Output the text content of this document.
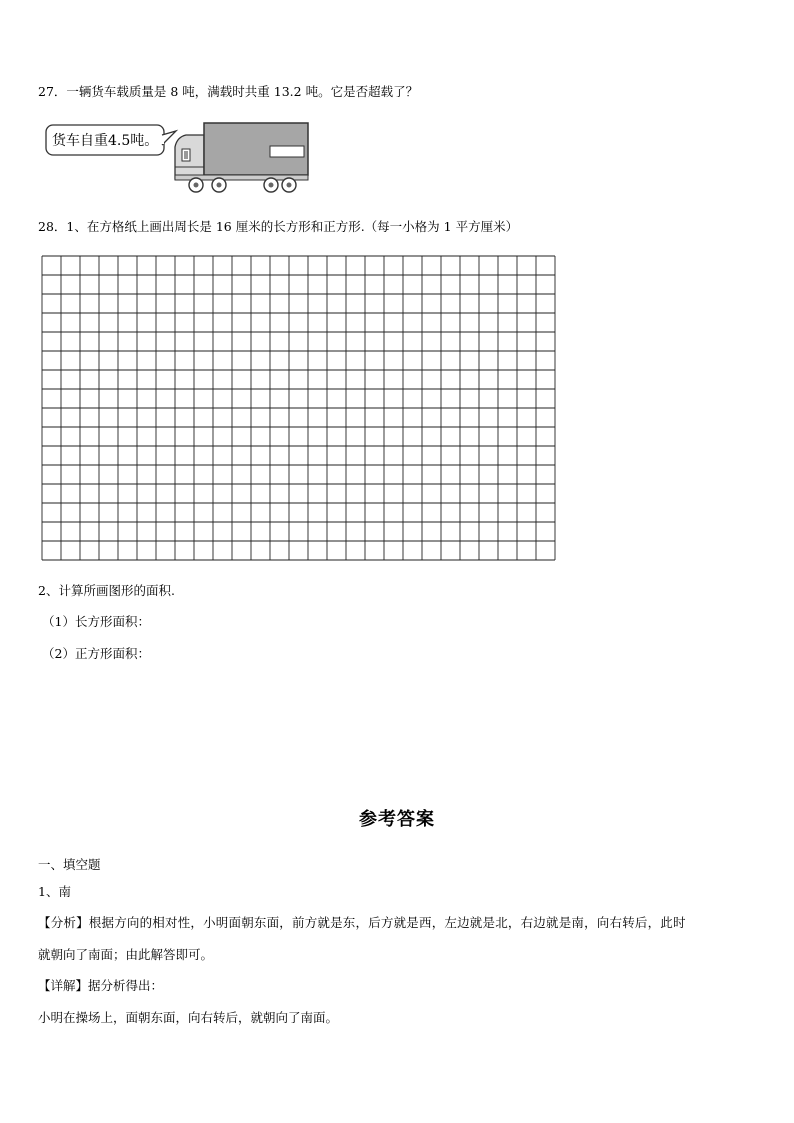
27．一辆货车载质量是 8 吨，满载时共重 13.2 吨。它是否超载了？
货车自重4.5吨。
28．1、在方格纸上画出周长是 16 厘米的长方形和正方形.（每一小格为 1 平方厘米）
2、计算所画图形的面积.
（1）长方形面积：
（2）正方形面积：
参考答案
一、填空题
1、南
【分析】根据方向的相对性，小明面朝东面，前方就是东，后方就是西，左边就是北，右边就是南，向右转后，此时
就朝向了南面；由此解答即可。
【详解】据分析得出：
小明在操场上，面朝东面，向右转后，就朝向了南面。
